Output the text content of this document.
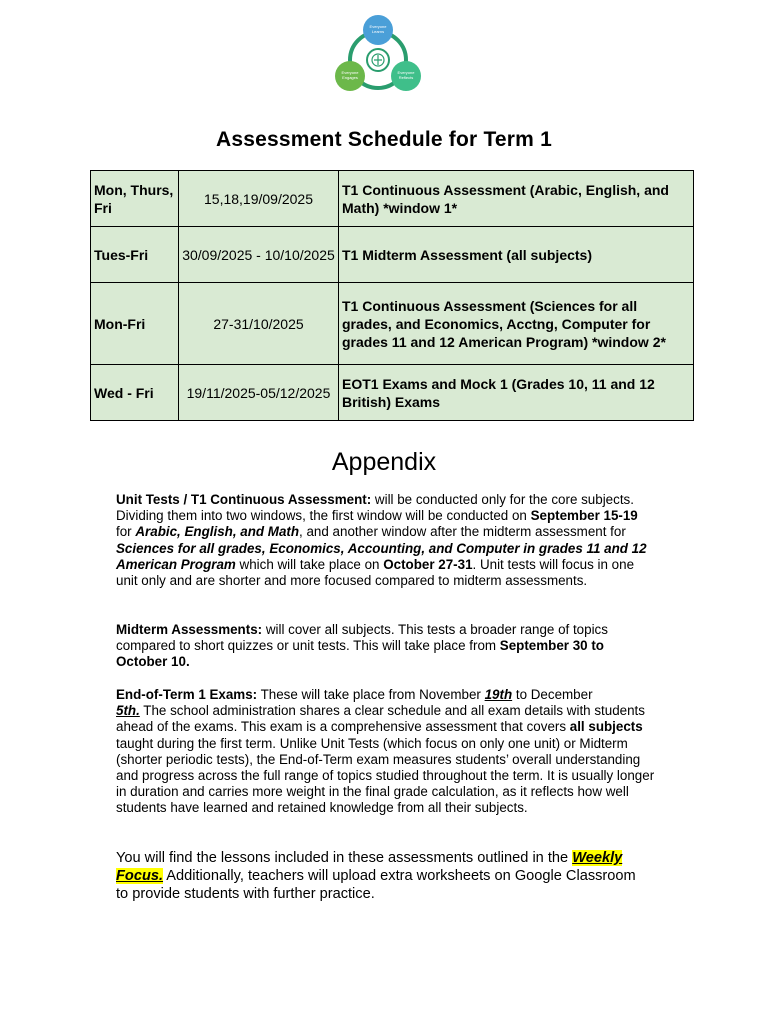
Everyone
Learns
Everyone
Engages
Everyone
Reflects
Assessment Schedule for Term 1
Mon, Thurs, Fri	15,18,19/09/2025	T1 Continuous Assessment (Arabic, English, and Math) *window 1*
Tues-Fri	30/09/2025 - 10/10/2025	T1 Midterm Assessment (all subjects)
Mon-Fri	27-31/10/2025	T1 Continuous Assessment (Sciences for all grades, and Economics, Acctng, Computer for grades 11 and 12 American Program) *window 2*
Wed - Fri	19/11/2025-05/12/2025	EOT1 Exams and Mock 1 (Grades 10, 11 and 12 British) Exams
Appendix
Unit Tests / T1 Continuous Assessment: will be conducted only for the core subjects. Dividing them into two windows, the first window will be conducted on September 15-19 for Arabic, English, and Math, and another window after the midterm assessment for Sciences for all grades, Economics, Accounting, and Computer in grades 11 and 12 American Program which will take place on October 27-31. Unit tests will focus in one unit only and are shorter and more focused compared to midterm assessments.
Midterm Assessments: will cover all subjects. This tests a broader range of topics compared to short quizzes or unit tests. This will take place from September 30 to October 10.
End-of-Term 1 Exams: These will take place from November 19th to December
5th. The school administration shares a clear schedule and all exam details with students ahead of the exams. This exam is a comprehensive assessment that covers all subjects taught during the first term. Unlike Unit Tests (which focus on only one unit) or Midterm (shorter periodic tests), the End-of-Term exam measures students’ overall understanding and progress across the full range of topics studied throughout the term. It is usually longer in duration and carries more weight in the final grade calculation, as it reflects how well students have learned and retained knowledge from all their subjects.
You will find the lessons included in these assessments outlined in the Weekly Focus. Additionally, teachers will upload extra worksheets on Google Classroom to provide students with further practice.
